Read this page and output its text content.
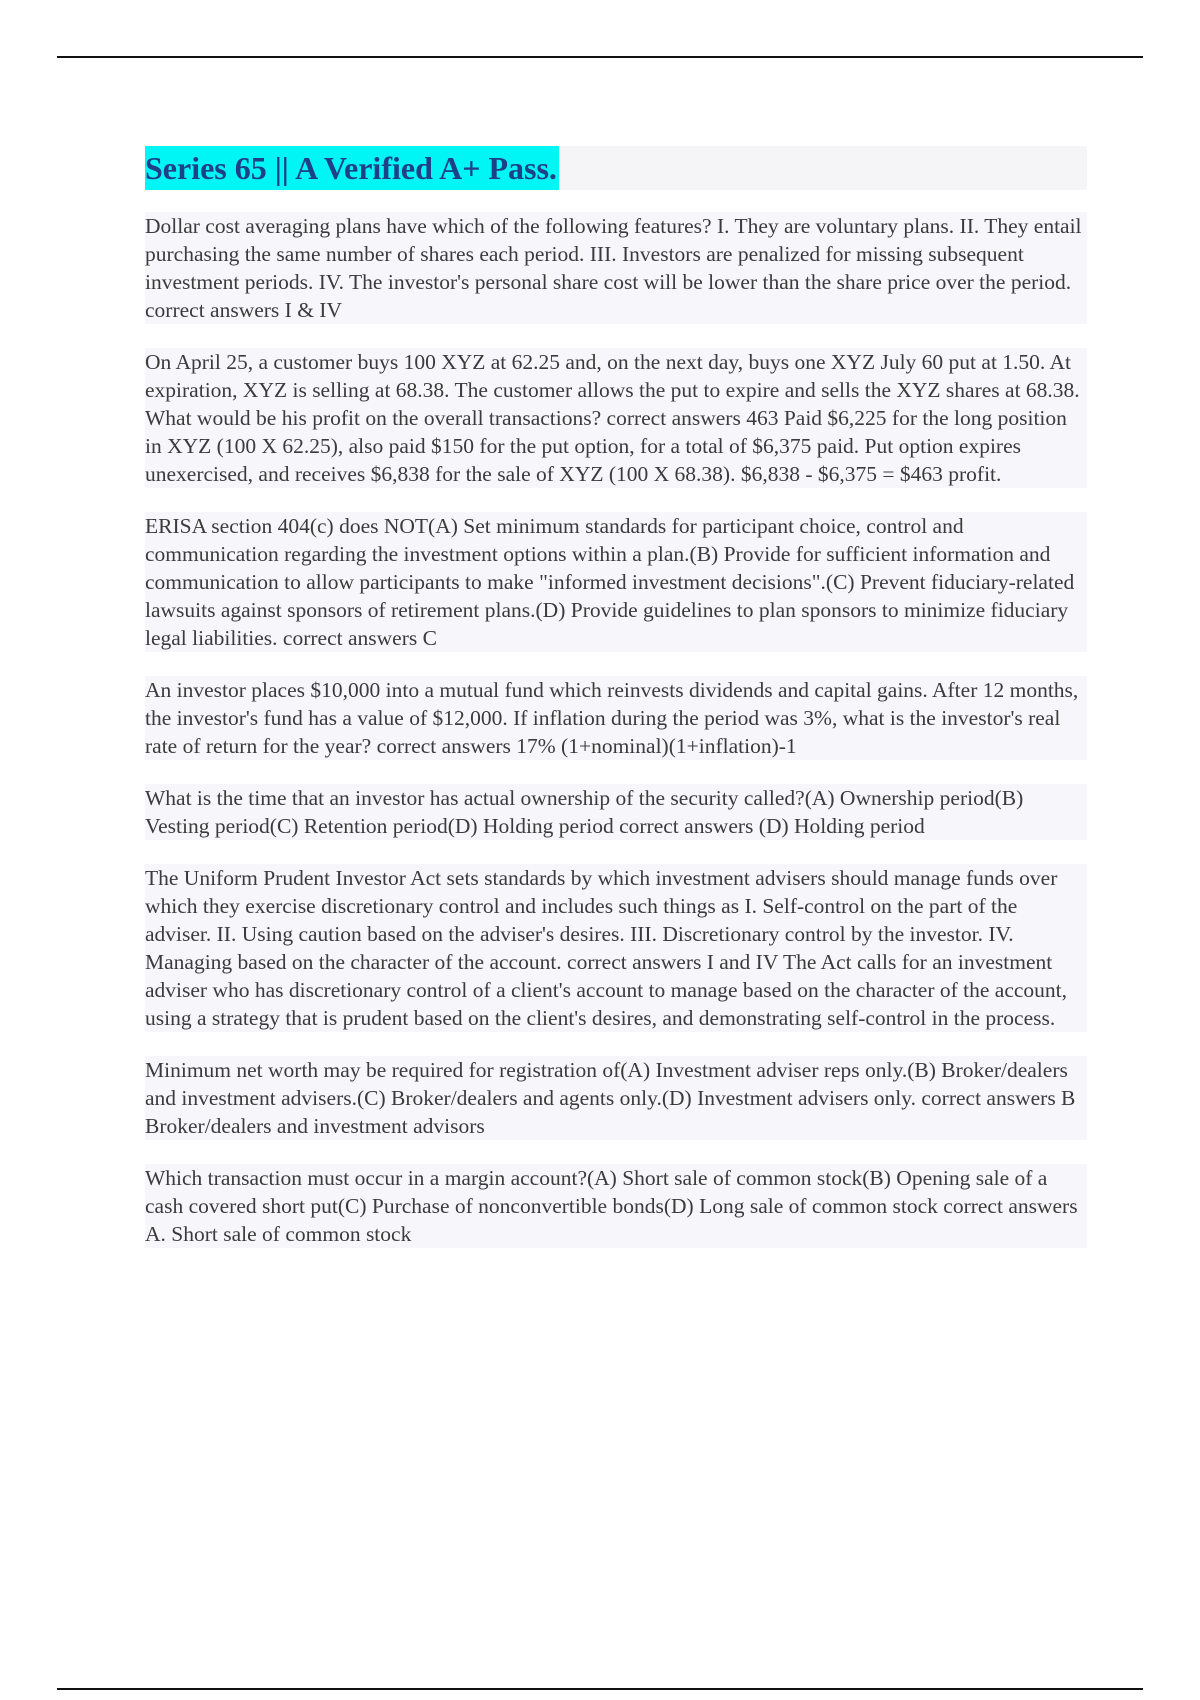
Series 65 || A Verified A+ Pass.

Dollar cost averaging plans have which of the following features? I. They are voluntary plans. II. They entail purchasing the same number of shares each period. III. Investors are penalized for missing subsequent investment periods. IV. The investor's personal share cost will be lower than the share price over the period. correct answers I & IV

On April 25, a customer buys 100 XYZ at 62.25 and, on the next day, buys one XYZ July 60 put at 1.50. At expiration, XYZ is selling at 68.38. The customer allows the put to expire and sells the XYZ shares at 68.38. What would be his profit on the overall transactions? correct answers 463 Paid $6,225 for the long position in XYZ (100 X 62.25), also paid $150 for the put option, for a total of $6,375 paid. Put option expires unexercised, and receives $6,838 for the sale of XYZ (100 X 68.38). $6,838 - $6,375 = $463 profit.

ERISA section 404(c) does NOT(A) Set minimum standards for participant choice, control and communication regarding the investment options within a plan.(B) Provide for sufficient information and communication to allow participants to make "informed investment decisions".(C) Prevent fiduciary-related lawsuits against sponsors of retirement plans.(D) Provide guidelines to plan sponsors to minimize fiduciary legal liabilities. correct answers C

An investor places $10,000 into a mutual fund which reinvests dividends and capital gains. After 12 months, the investor's fund has a value of $12,000. If inflation during the period was 3%, what is the investor's real rate of return for the year? correct answers 17% (1+nominal)(1+inflation)-1

What is the time that an investor has actual ownership of the security called?(A) Ownership period(B) Vesting period(C) Retention period(D) Holding period correct answers (D) Holding period

The Uniform Prudent Investor Act sets standards by which investment advisers should manage funds over which they exercise discretionary control and includes such things as I. Self-control on the part of the adviser. II. Using caution based on the adviser's desires. III. Discretionary control by the investor. IV. Managing based on the character of the account. correct answers I and IV The Act calls for an investment adviser who has discretionary control of a client's account to manage based on the character of the account, using a strategy that is prudent based on the client's desires, and demonstrating self-control in the process.

Minimum net worth may be required for registration of(A) Investment adviser reps only.(B) Broker/dealers and investment advisers.(C) Broker/dealers and agents only.(D) Investment advisers only. correct answers B Broker/dealers and investment advisors

Which transaction must occur in a margin account?(A) Short sale of common stock(B) Opening sale of a cash covered short put(C) Purchase of nonconvertible bonds(D) Long sale of common stock correct answers A. Short sale of common stock
